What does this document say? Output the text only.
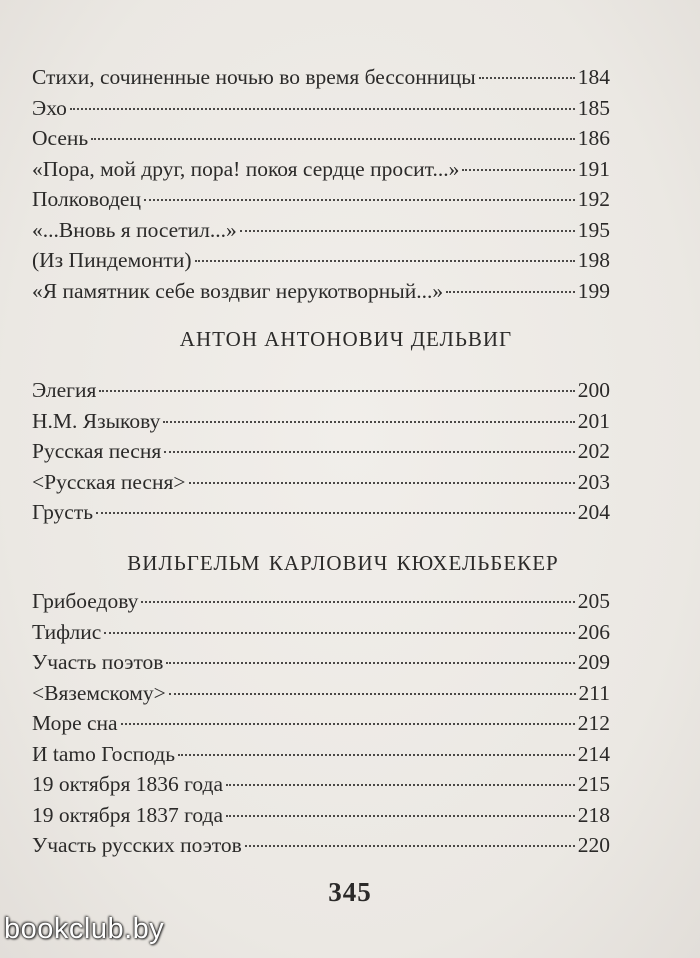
Стихи, сочиненные ночью во время бессонницы	184
Эхо	185
Осень	186
«Пора, мой друг, пора! покоя сердце просит...»	191
Полководец	192
«...Вновь я посетил...»	195
(Из Пиндемонти)	198
«Я памятник себе воздвиг нерукотворный...»	199
АНТОН АНТОНОВИЧ ДЕЛЬВИГ
Элегия	200
Н.М. Языкову	201
Русская песня	202
<Русская песня>	203
Грусть	204
ВИЛЬГЕЛЬМ КАРЛОВИЧ КЮХЕЛЬБЕКЕР
Грибоедову	205
Тифлис	206
Участь поэтов	209
<Вяземскому>	211
Море сна	212
И tamo Господь	214
19 октября 1836 года	215
19 октября 1837 года	218
Участь русских поэтов	220
345
bookclub.by
